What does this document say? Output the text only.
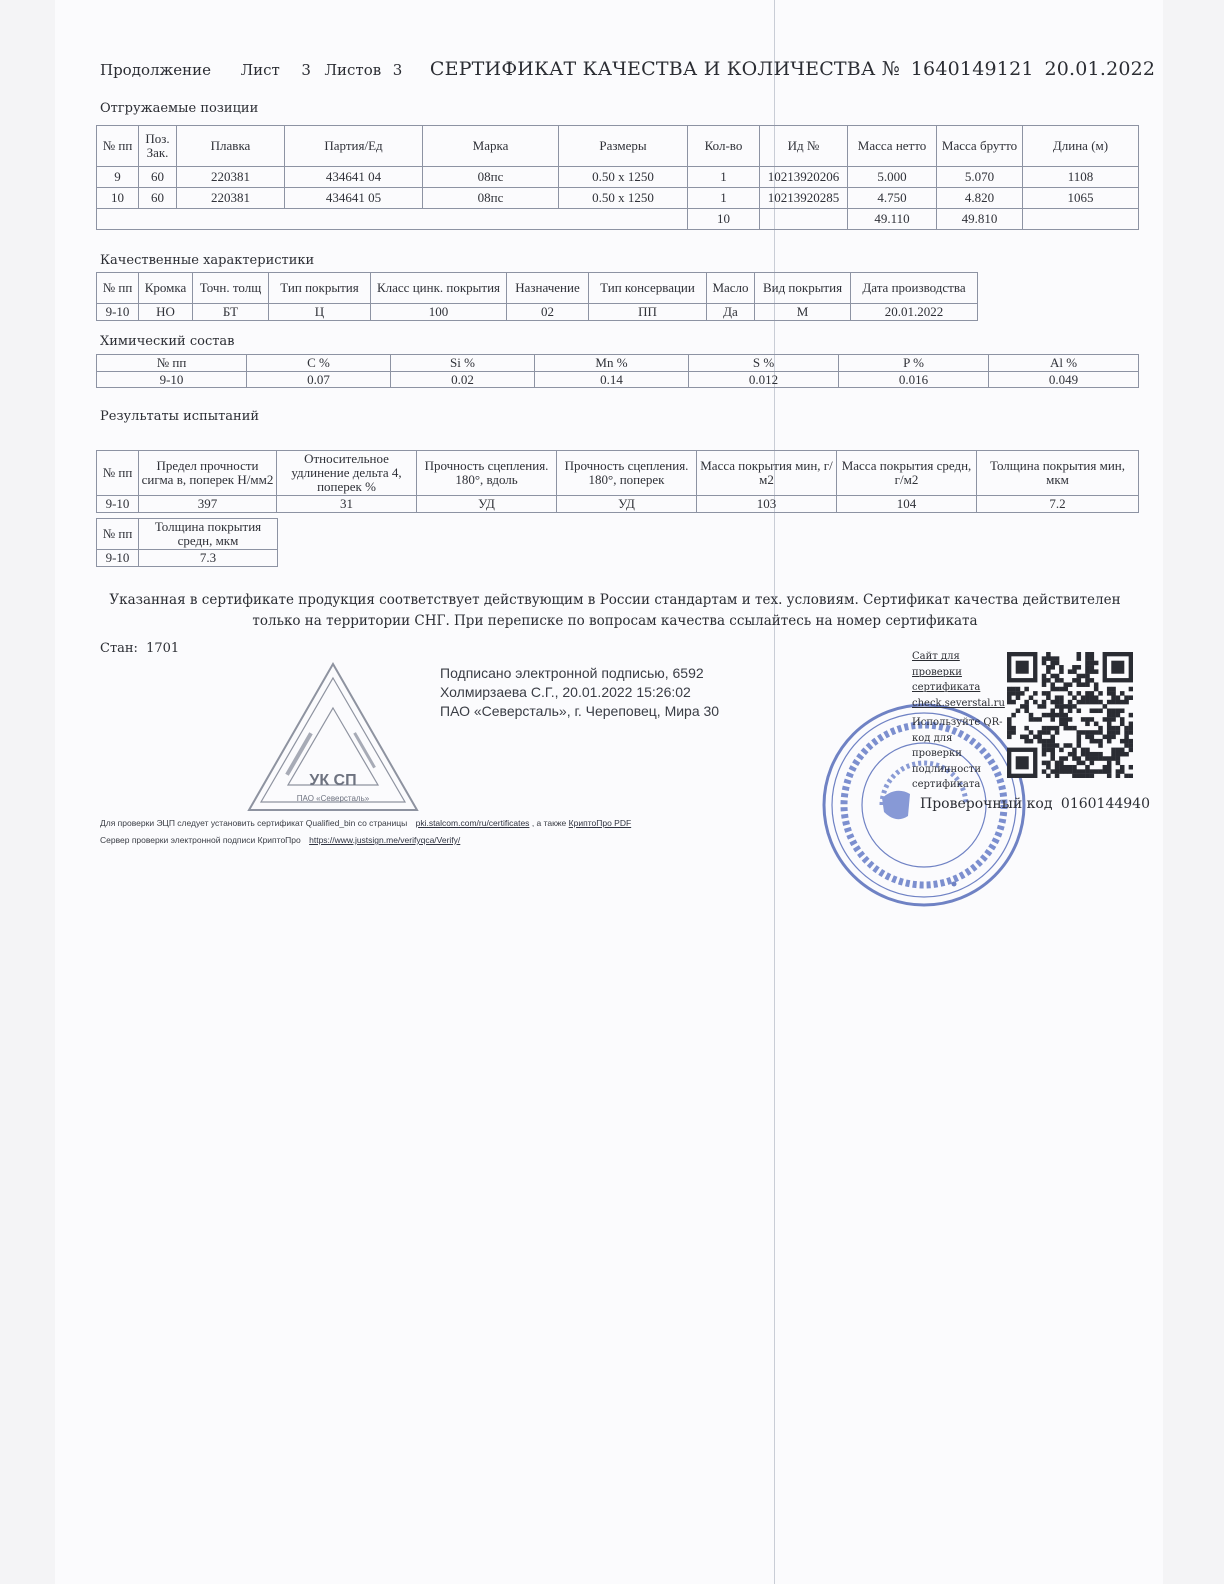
Продолжение Лист 3 Листов 3 СЕРТИФИКАТ КАЧЕСТВА И КОЛИЧЕСТВА № 1640149121 20.01.2022
Отгружаемые позиции
№ пп	Поз. Зак.	Плавка	Партия/Ед	Марка	Размеры	Кол-во	Ид №	Масса нетто	Масса брутто	Длина (м)
9	60	220381	434641 04	08пс	0.50 x 1250	1	10213920206	5.000	5.070	1108
10	60	220381	434641 05	08пс	0.50 x 1250	1	10213920285	4.750	4.820	1065
						10		49.110	49.810	
Качественные характеристики
№ пп	Кромка	Точн. толщ	Тип покрытия	Класс цинк. покрытия	Назначение	Тип консервации	Масло	Вид покрытия	Дата производства
9-10	НО	БТ	Ц	100	02	ПП	Да	М	20.01.2022
Химический состав
№ пп	C %	Si %	Mn %	S %	P %	Al %
9-10	0.07	0.02	0.14	0.012	0.016	0.049
Результаты испытаний
№ пп	Предел прочности сигма в, поперек Н/мм2	Относительное удлинение дельта 4, поперек %	Прочность сцепления. 180°, вдоль	Прочность сцепления. 180°, поперек	Масса покрытия мин, г/м2	Масса покрытия средн, г/м2	Толщина покрытия мин, мкм
9-10	397	31	УД	УД	103	104	7.2
№ пп	Толщина покрытия средн, мкм
9-10	7.3
Указанная в сертификате продукция соответствует действующим в России стандартам и тех. условиям. Сертификат качества действителен только на территории СНГ. При переписке по вопросам качества ссылайтесь на номер сертификата
Стан: 1701
УК СП
ПАО «Северсталь»
Подписано электронной подписью, 6592
Холмирзаева С.Г., 20.01.2022 15:26:02
ПАО «Северсталь», г. Череповец, Мира 30
Для проверки ЭЦП следует установить сертификат Qualified_bin со страницы pki.stalcom.com/ru/certificates , а также КриптоПро PDF
Сервер проверки электронной подписи КриптоПро https://www.justsign.me/verifyqca/Verify/
Сайт для проверки сертификата
check.severstal.ru
Используйте QR-код для проверки подлинности сертификата
Проверочный код 0160144940
